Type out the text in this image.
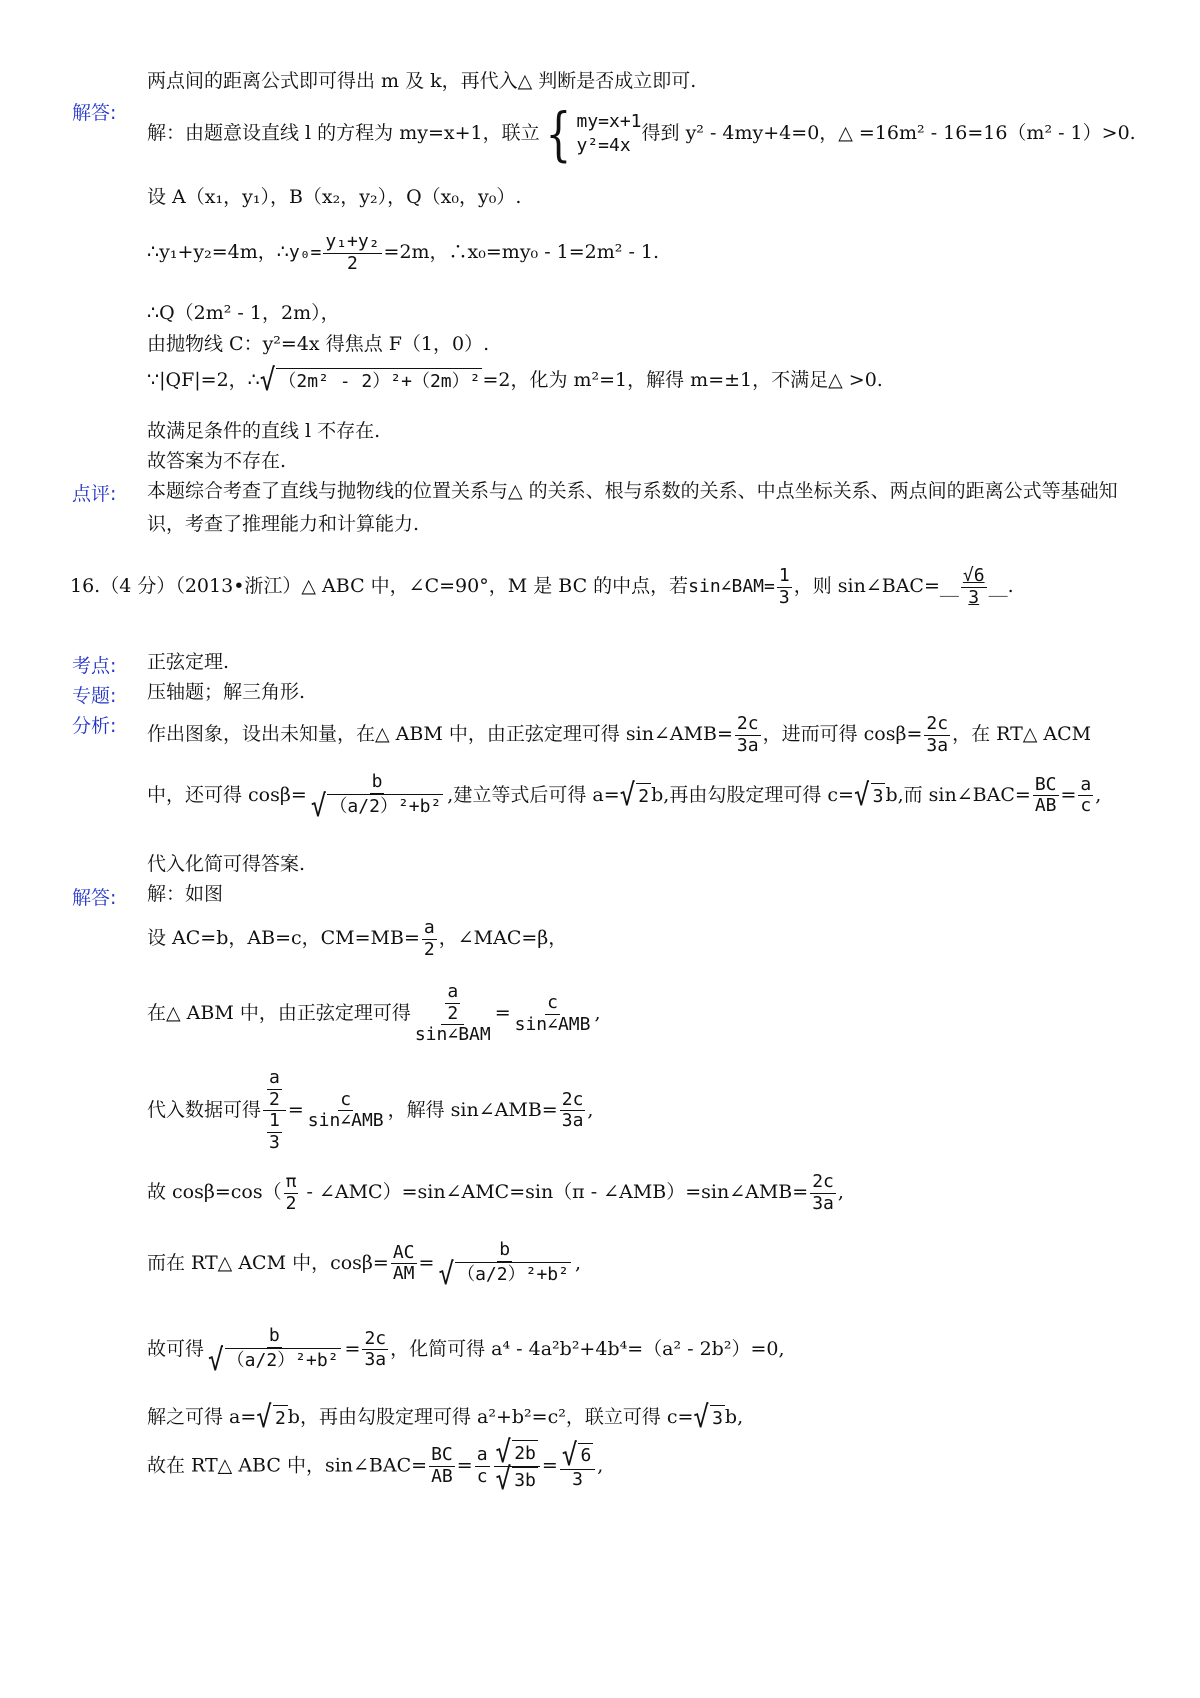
两点间的距离公式即可得出 m 及 k，再代入△ 判断是否成立即可.
解答:
解：由题意设直线 l 的方程为 my=x+1，联立 { my=x+1
y²=4x
得到 y² - 4my+4=0，△ =16m² - 16=16（m² - 1）>0.
设 A（x₁，y₁），B（x₂，y₂），Q（x₀，y₀）.
∴y₁+y₂=4m，∴y₀= $\frac{\text{y₁+y₂}}{2} =2m$，∴x₀=my₀ - 1=2m² - 1.
∴Q（2m² - 1，2m），
由抛物线 C：y²=4x 得焦点 F（1，0）.
∵|QF|=2，∴ √ （2m² - 2）²+（2m）² =2，化为 m²=1，解得 m=±1，不满足△ >0.
故满足条件的直线 l 不存在.
故答案为不存在.
点评: 本题综合考查了直线与抛物线的位置关系与△ 的关系、根与系数的关系、中点坐标关系、两点间的距离公式等基础知识，考查了推理能力和计算能力.
16.（4 分）（2013•浙江）△ ABC 中，∠C=90°，M 是 BC 的中点，若sin∠BAM= $\frac{1}{3}$ ，则 sin∠BAC=__ $\frac{√6}{3}$ __.
考点: 正弦定理.
专题: 压轴题；解三角形.
分析: 作出图象，设出未知量，在△ ABM 中，由正弦定理可得 sin∠AMB= $\frac{2c}{3a}$ ，进而可得 $\cos\beta= \frac{2c}{3a}$ ，在 RT△ ACM
中，还可得 $\cos\beta= \frac{b}{\text{√ （a/2）²+b²}}$ ,建立等式后可得 a= √ 2 b,再由勾股定理可得 c= √ 3 b,而 sin∠BAC= $\frac{BC}{AB} = \frac{a}{c}$ ,
代入化简可得答案.
解答: 解：如图
设 AC=b，AB=c，$CM=MB= \frac{a}{2}$ ，∠MAC=β，
在△ ABM 中，由正弦定理可得 $\frac{\frac{a}{2}}{\text{sin∠BAM}} = \frac{c}{\text{sin∠AMB}}$ ,
代入数据可得 $\frac{\frac{a}{2}}{\frac{1}{3}} = \frac{c}{\text{sin∠AMB}}$ ，解得 sin∠AMB= $\frac{2c}{3a}$ ,
故 $\cos\beta=\cos( \frac{\pi}{2}$ - ∠AMC）=sin∠AMC=sin（π - ∠AMB）=sin∠AMB= $\frac{2c}{3a}$ ,
而在 RT△ ACM 中，$\cos\beta= \frac{AC}{AM} = \frac{b}{\text{√ （a/2）²+b²}}$ ,
故可得 $\frac{b}{\text{√ （a/2）²+b²}} = \frac{2c}{3a}$ ，化简可得 a⁴ - 4a²b²+4b⁴=（a² - 2b²）=0,
解之可得 a= √ 2 b，再由勾股定理可得 a²+b²=c²，联立可得 c= √ 3 b,
故在 RT△ ABC 中，sin∠BAC= $\frac{BC}{AB} = \frac{a}{c} \frac{√ 2b}{√ 3b} = \frac{√ 6}{3}$ ,
